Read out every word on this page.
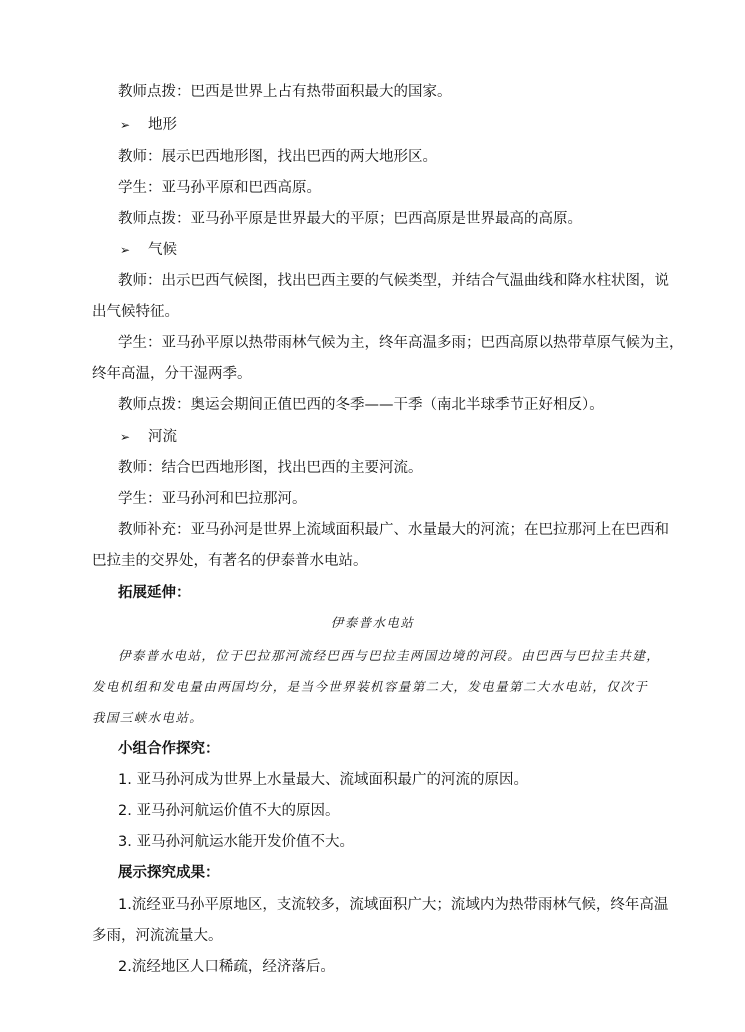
教师点拨：巴西是世界上占有热带面积最大的国家。
➢ 地形
教师：展示巴西地形图，找出巴西的两大地形区。
学生：亚马孙平原和巴西高原。
教师点拨：亚马孙平原是世界最大的平原；巴西高原是世界最高的高原。
➢ 气候
教师：出示巴西气候图，找出巴西主要的气候类型，并结合气温曲线和降水柱状图，说
出气候特征。
学生：亚马孙平原以热带雨林气候为主，终年高温多雨；巴西高原以热带草原气候为主，
终年高温，分干湿两季。
教师点拨：奥运会期间正值巴西的冬季——干季（南北半球季节正好相反）。
➢ 河流
教师：结合巴西地形图，找出巴西的主要河流。
学生：亚马孙河和巴拉那河。
教师补充：亚马孙河是世界上流域面积最广、水量最大的河流；在巴拉那河上在巴西和
巴拉圭的交界处，有著名的伊泰普水电站。
拓展延伸：
伊泰普水电站
伊泰普水电站，位于巴拉那河流经巴西与巴拉圭两国边境的河段。由巴西与巴拉圭共建，
发电机组和发电量由两国均分，是当今世界装机容量第二大，发电量第二大水电站，仅次于
我国三峡水电站。
小组合作探究：
1. 亚马孙河成为世界上水量最大、流域面积最广的河流的原因。
2. 亚马孙河航运价值不大的原因。
3. 亚马孙河航运水能开发价值不大。
展示探究成果：
1.流经亚马孙平原地区，支流较多，流域面积广大；流域内为热带雨林气候，终年高温
多雨，河流流量大。
2.流经地区人口稀疏，经济落后。
